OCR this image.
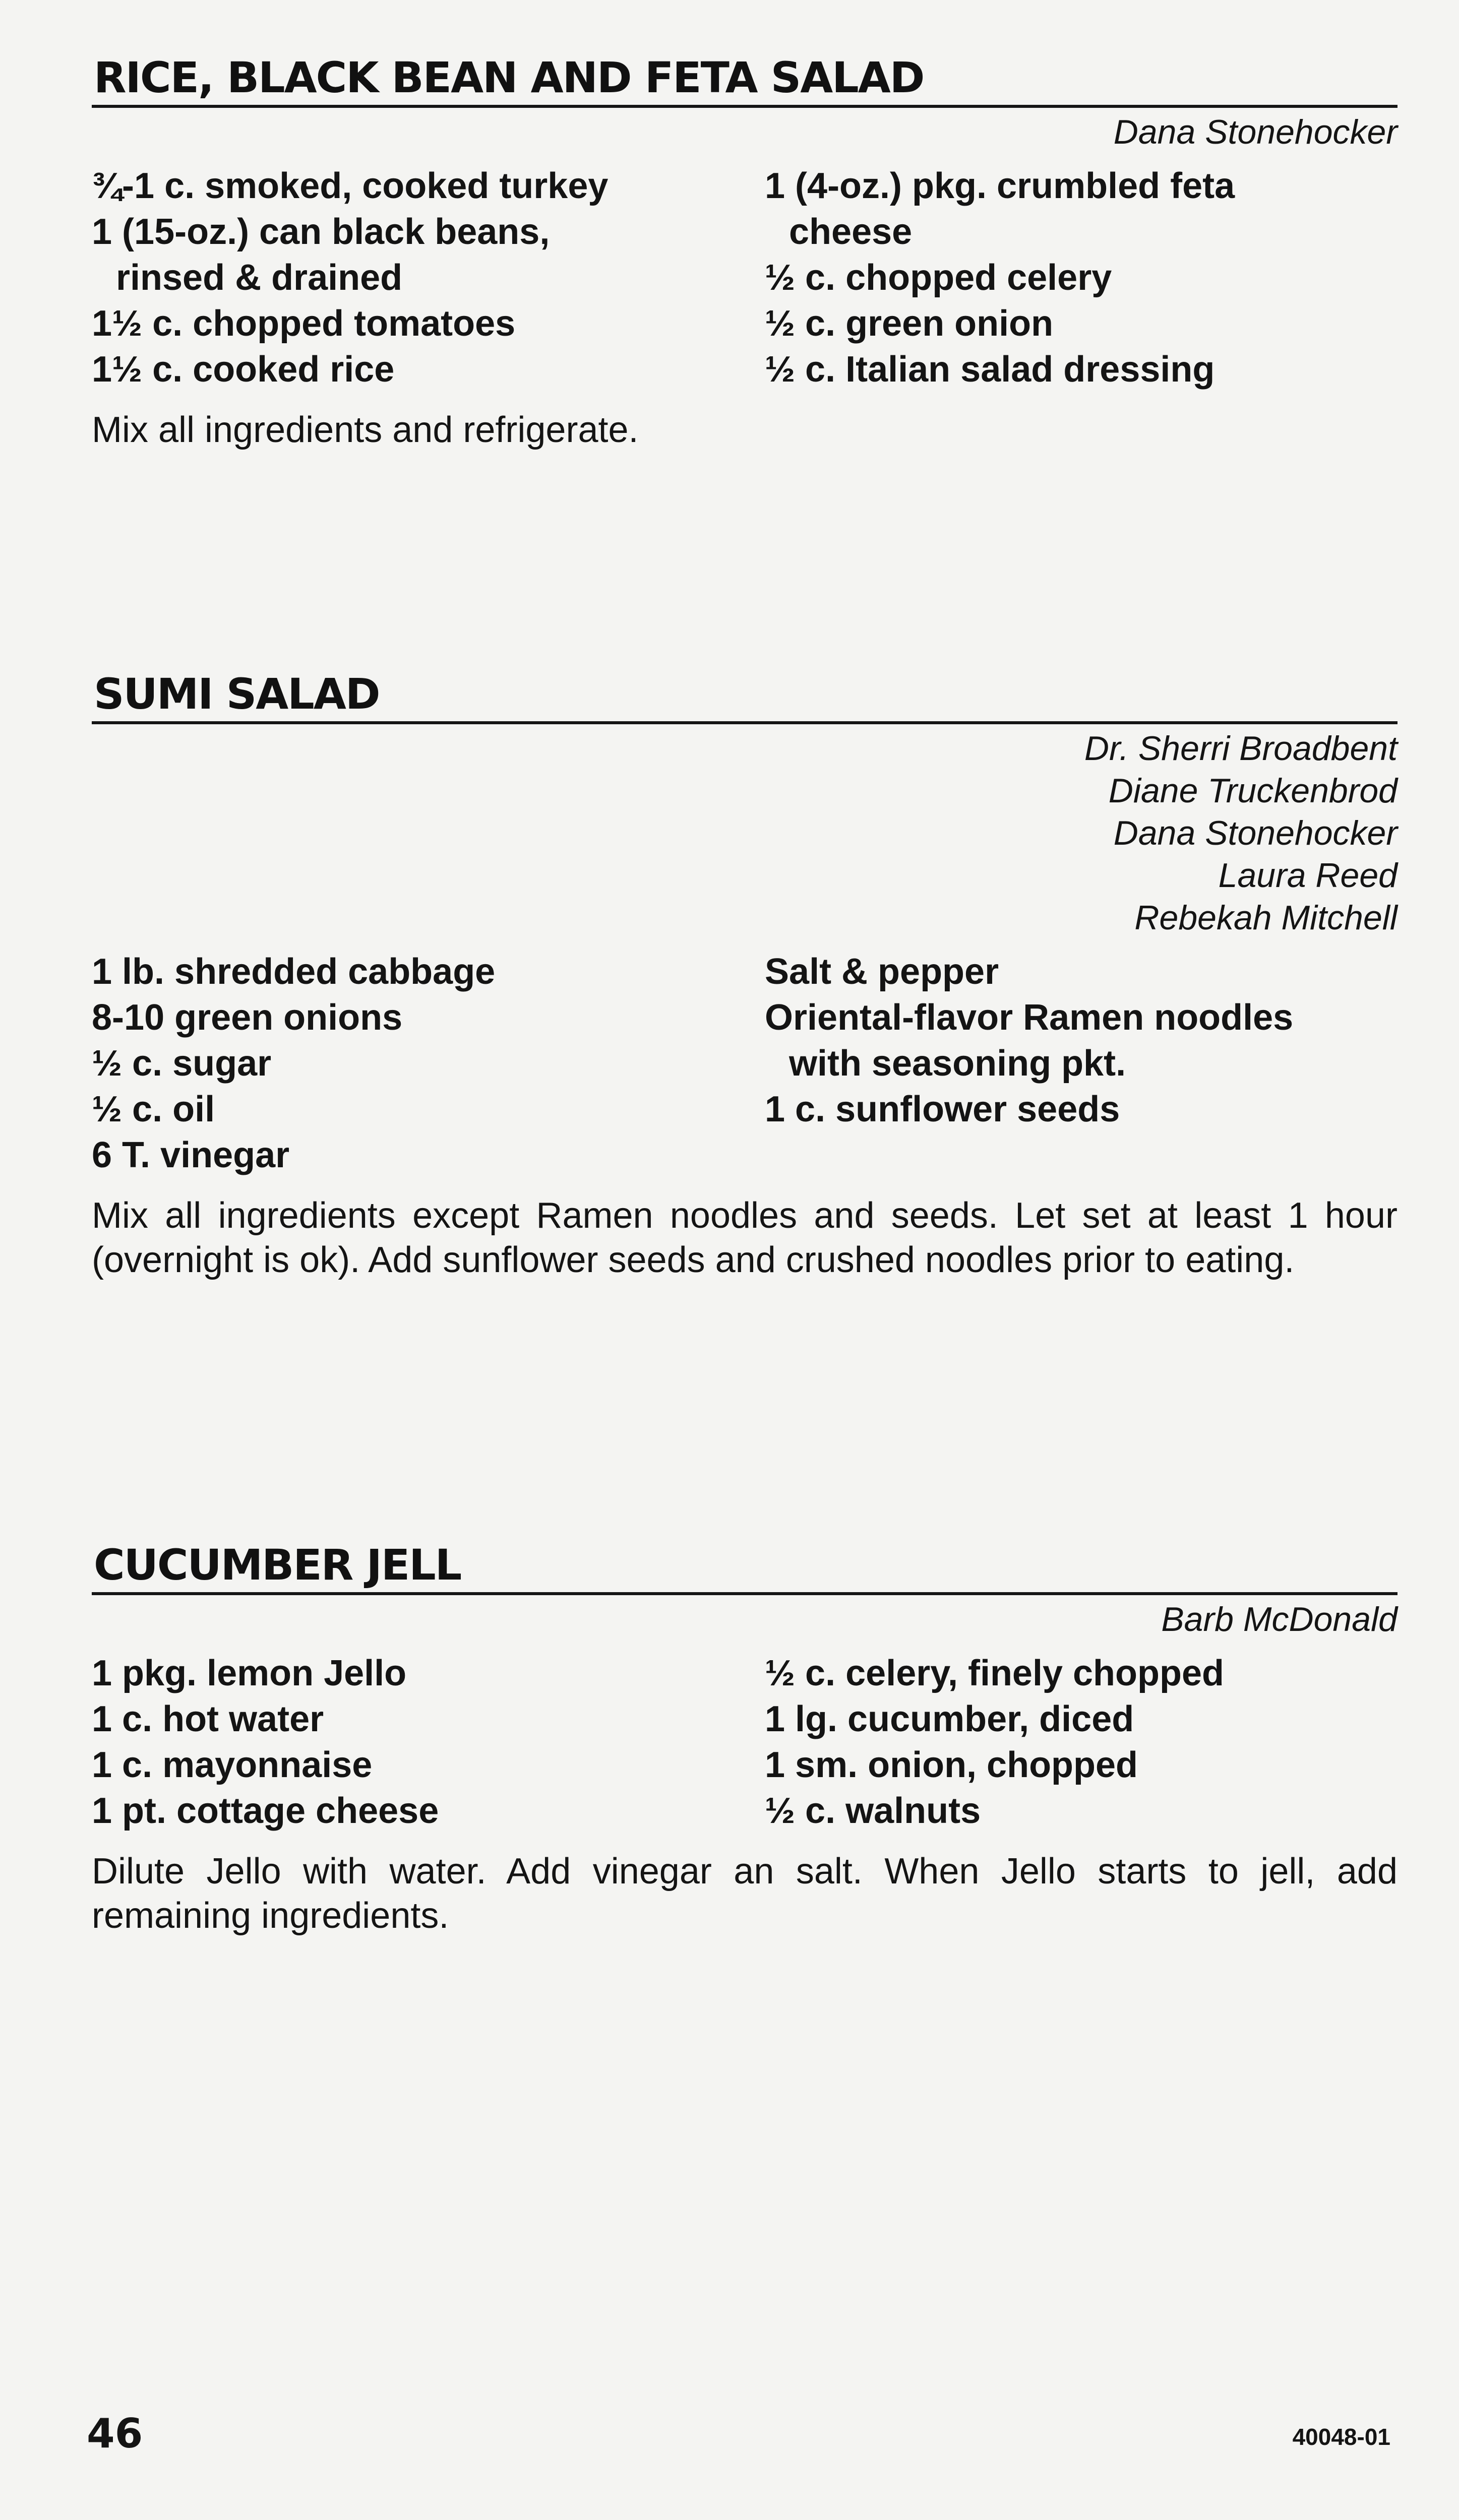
RICE, BLACK BEAN AND FETA SALAD
Dana Stonehocker
¾-1 c. smoked, cooked turkey
1 (15-oz.) can black beans,
rinsed & drained
1½ c. chopped tomatoes
1½ c. cooked rice
1 (4-oz.) pkg. crumbled feta
cheese
½ c. chopped celery
½ c. green onion
½ c. Italian salad dressing

Mix all ingredients and refrigerate.

SUMI SALAD
Dr. Sherri Broadbent
Diane Truckenbrod
Dana Stonehocker
Laura Reed
Rebekah Mitchell
1 lb. shredded cabbage
8-10 green onions
½ c. sugar
½ c. oil
6 T. vinegar
Salt & pepper
Oriental-flavor Ramen noodles
with seasoning pkt.
1 c. sunflower seeds

Mix all ingredients except Ramen noodles and seeds. Let set at least 1 hour (overnight is ok). Add sunflower seeds and crushed noodles prior to eating.

CUCUMBER JELL
Barb McDonald
1 pkg. lemon Jello
1 c. hot water
1 c. mayonnaise
1 pt. cottage cheese
½ c. celery, finely chopped
1 lg. cucumber, diced
1 sm. onion, chopped
½ c. walnuts

Dilute Jello with water. Add vinegar an salt. When Jello starts to jell, add remaining ingredients.

46	40048-01
